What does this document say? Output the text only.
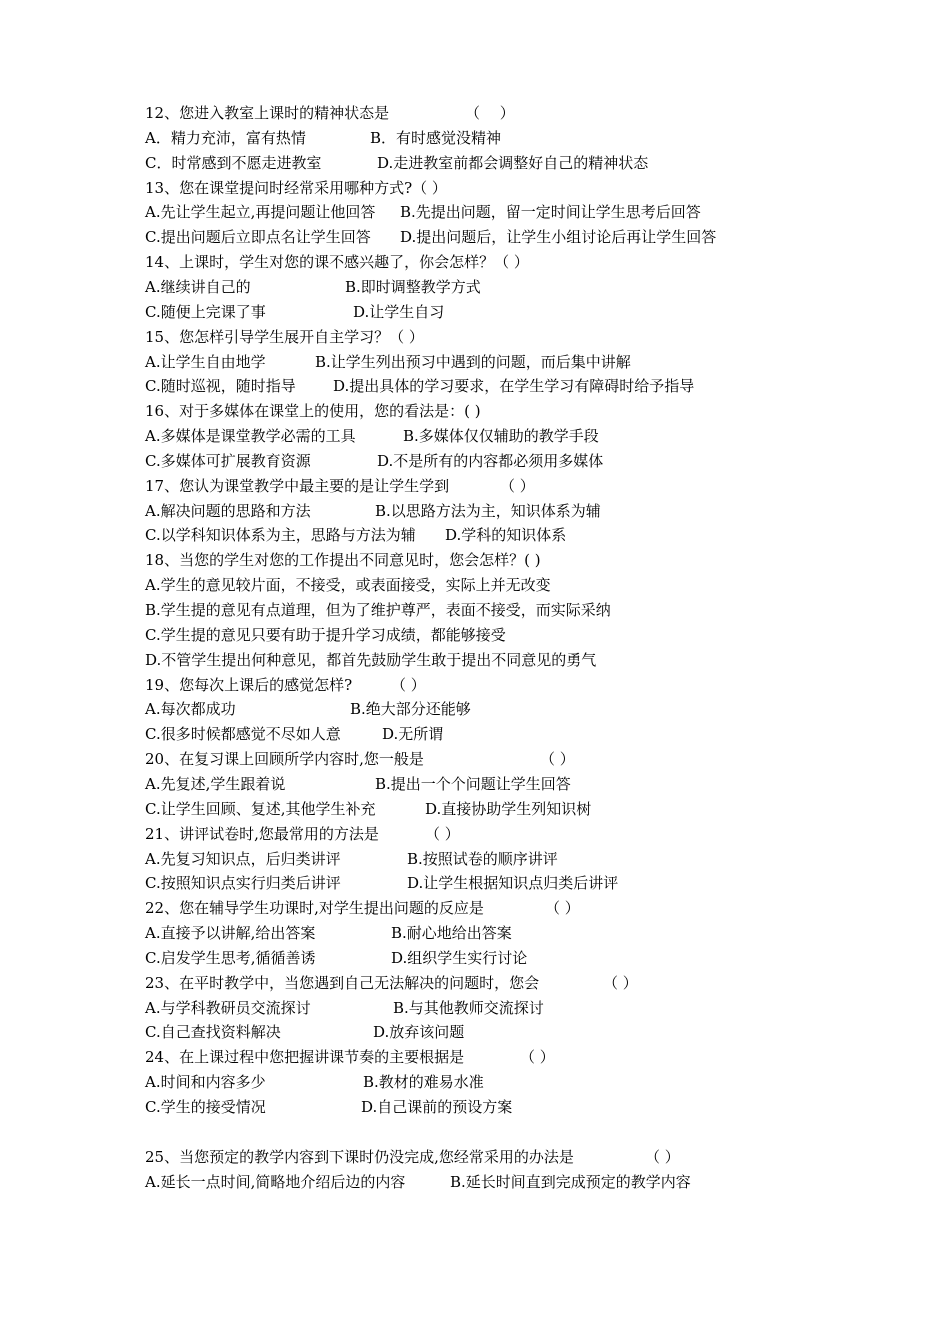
12、您进入教室上课时的精神状态是	（　 ）
A．精力充沛，富有热情	B．有时感觉没精神
C．时常感到不愿走进教室	D.走进教室前都会调整好自己的精神状态
13、您在课堂提问时经常采用哪种方式?（ ）
A.先让学生起立,再提问题让他回答 B.先提出问题，留一定时间让学生思考后回答
C.提出问题后立即点名让学生回答 D.提出问题后，让学生小组讨论后再让学生回答
14、上课时，学生对您的课不感兴趣了，你会怎样？（ ）
A.继续讲自己的	B.即时调整教学方式
C.随便上完课了事	D.让学生自习
15、您怎样引导学生展开自主学习？（ ）
A.让学生自由地学	B.让学生列出预习中遇到的问题，而后集中讲解
C.随时巡视，随时指导 D.提出具体的学习要求，在学生学习有障碍时给予指导
16、对于多媒体在课堂上的使用，您的看法是：( )
A.多媒体是课堂教学必需的工具	B.多媒体仅仅辅助的教学手段
C.多媒体可扩展教育资源	D.不是所有的内容都必须用多媒体
17、您认为课堂教学中最主要的是让学生学到	（ ）
A.解决问题的思路和方法	B.以思路方法为主，知识体系为辅
C.以学科知识体系为主，思路与方法为辅 D.学科的知识体系
18、当您的学生对您的工作提出不同意见时，您会怎样？( )
A.学生的意见较片面，不接受，或表面接受，实际上并无改变
B.学生提的意见有点道理，但为了维护尊严，表面不接受，而实际采纳
C.学生提的意见只要有助于提升学习成绩，都能够接受
D.不管学生提出何种意见，都首先鼓励学生敢于提出不同意见的勇气
19、您每次上课后的感觉怎样?	（ ）
A.每次都成功	B.绝大部分还能够
C.很多时候都感觉不尽如人意	D.无所谓
20、在复习课上回顾所学内容时,您一般是	（ ）
A.先复述,学生跟着说	B.提出一个个问题让学生回答
C.让学生回顾、复述,其他学生补充	D.直接协助学生列知识树
21、讲评试卷时,您最常用的方法是	（ ）
A.先复习知识点，后归类讲评	B.按照试卷的顺序讲评
C.按照知识点实行归类后讲评	D.让学生根据知识点归类后讲评
22、您在辅导学生功课时,对学生提出问题的反应是	（ ）
A.直接予以讲解,给出答案	B.耐心地给出答案
C.启发学生思考,循循善诱	D.组织学生实行讨论
23、在平时教学中，当您遇到自己无法解决的问题时，您会	（ ）
A.与学科教研员交流探讨	B.与其他教师交流探讨
C.自己查找资料解决	D.放弃该问题
24、在上课过程中您把握讲课节奏的主要根据是	（ ）
A.时间和内容多少	B.教材的难易水准
C.学生的接受情况	D.自己课前的预设方案
25、当您预定的教学内容到下课时仍没完成,您经常采用的办法是	（ ）
A.延长一点时间,简略地介绍后边的内容	B.延长时间直到完成预定的教学内容
